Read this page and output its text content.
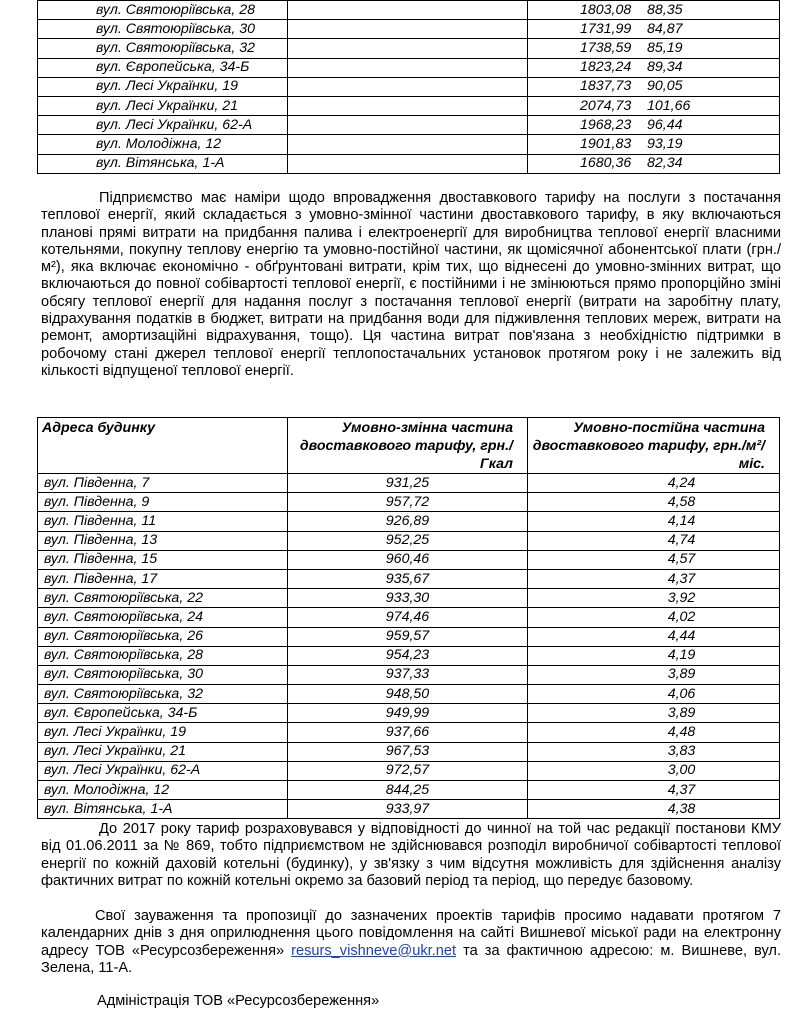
вул. Святоюріївська, 28	1803,08	88,35
вул. Святоюріївська, 30	1731,99	84,87
вул. Святоюріївська, 32	1738,59	85,19
вул. Європейська, 34-Б	1823,24	89,34
вул. Лесі Українки, 19	1837,73	90,05
вул. Лесі Українки, 21	2074,73	101,66
вул. Лесі Українки, 62-А	1968,23	96,44
вул. Молодіжна, 12	1901,83	93,19
вул. Вітянська, 1-А	1680,36	82,34
Підприємство має наміри щодо впровадження двоставкового тарифу на послуги з постачання теплової енергії, який складається з умовно-змінної частини двоставкового тарифу, в яку включаються планові прямі витрати на придбання палива і електроенергії для виробництва теплової енергії власними котельнями, покупну теплову енергію та умовно-постійної частини, як щомісячної абонентської плати (грн./м²), яка включає економічно - обґрунтовані витрати, крім тих, що віднесені до умовно-змінних витрат, що включаються до повної собівартості теплової енергії, є постійними і не змінюються прямо пропорційно зміні обсягу теплової енергії для надання послуг з постачання теплової енергії (витрати на заробітну плату, відрахування податків в бюджет, витрати на придбання води для підживлення теплових мереж, витрати на ремонт, амортизаційні відрахування, тощо). Ця частина витрат пов'язана з необхідністю підтримки в робочому стані джерел теплової енергії теплопостачальних установок протягом року і не залежить від кількості відпущеної теплової енергії.
Адреса будинку	Умовно-змінна частина двоставкового тарифу, грн./Гкал	Умовно-постійна частина двоставкового тарифу, грн./м²/міс.
вул. Південна, 7	931,25	4,24
вул. Південна, 9	957,72	4,58
вул. Південна, 11	926,89	4,14
вул. Південна, 13	952,25	4,74
вул. Південна, 15	960,46	4,57
вул. Південна, 17	935,67	4,37
вул. Святоюріївська, 22	933,30	3,92
вул. Святоюріївська, 24	974,46	4,02
вул. Святоюріївська, 26	959,57	4,44
вул. Святоюріївська, 28	954,23	4,19
вул. Святоюріївська, 30	937,33	3,89
вул. Святоюріївська, 32	948,50	4,06
вул. Європейська, 34-Б	949,99	3,89
вул. Лесі Українки, 19	937,66	4,48
вул. Лесі Українки, 21	967,53	3,83
вул. Лесі Українки, 62-А	972,57	3,00
вул. Молодіжна, 12	844,25	4,37
вул. Вітянська, 1-А	933,97	4,38
До 2017 року тариф розраховувався у відповідності до чинної на той час редакції постанови КМУ від 01.06.2011 за № 869, тобто підприємством не здійснювався розподіл виробничої собівартості теплової енергії по кожній даховій котельні (будинку), у зв'язку з чим відсутня можливість для здійснення аналізу фактичних витрат по кожній котельні окремо за базовий період та період, що передує базовому.
Свої зауваження та пропозиції до зазначених проектів тарифів просимо надавати протягом 7 календарних днів з дня оприлюднення цього повідомлення на сайті Вишневої міської ради на електронну адресу ТОВ «Ресурсозбереження» resurs_vishneve@ukr.net та за фактичною адресою: м. Вишневе, вул. Зелена, 11-А.
Адміністрація ТОВ «Ресурсозбереження»
